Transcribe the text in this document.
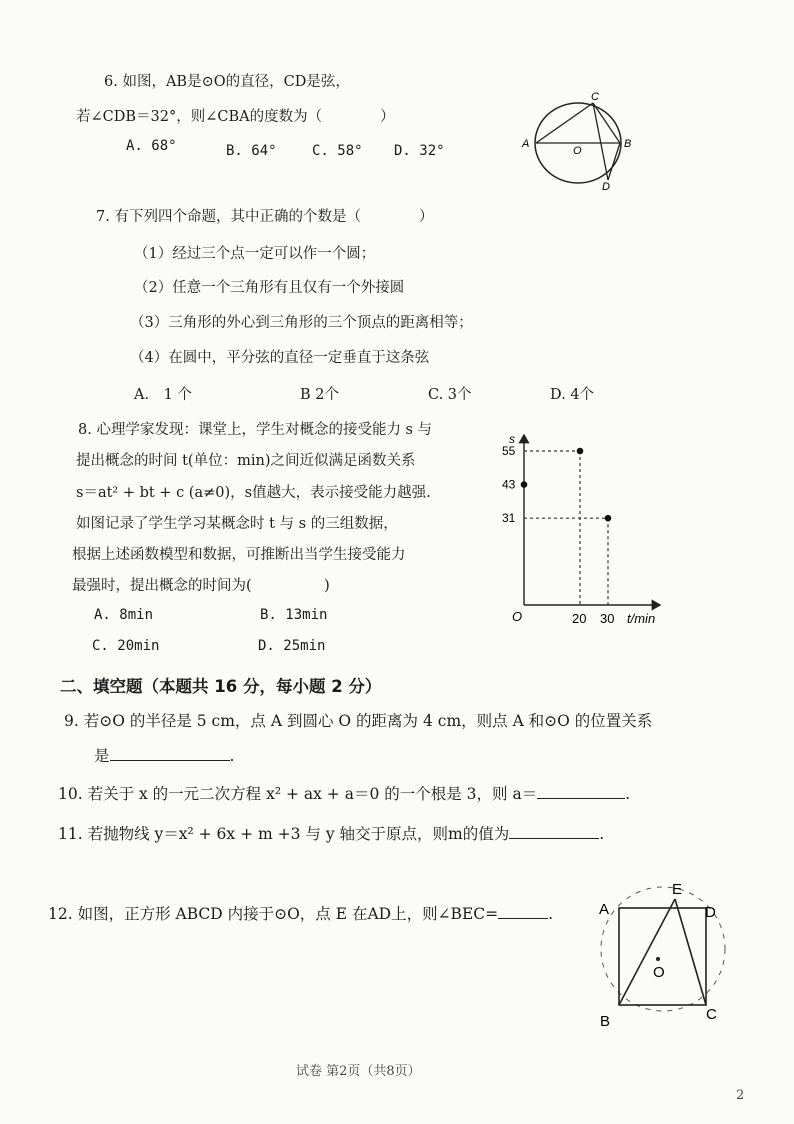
6. 如图，AB是⊙O的直径，CD是弦，
若∠CDB＝32°，则∠CBA的度数为（　　　　）
A. 68°	B. 64°	C. 58° D. 32°	A
O
B
C
D
7. 有下列四个命题，其中正确的个数是（　　　　）
（1）经过三个点一定可以作一个圆；
（2）任意一个三角形有且仅有一个外接圆
（3）三角形的外心到三角形的三个顶点的距离相等；
（4）在圆中，平分弦的直径一定垂直于这条弦
A.　1 个	B 2个	C. 3个	D. 4个
8. 心理学家发现：课堂上，学生对概念的接受能力 s 与
提出概念的时间 t(单位：min)之间近似满足函数关系
s＝at² + bt + c (a≠0)，s值越大，表示接受能力越强.
如图记录了学生学习某概念时 t 与 s 的三组数据，
根据上述函数模型和数据，可推断出当学生接受能力
最强时，提出概念的时间为(　　　　　)
A. 8min	B. 13min
C. 20min	D. 25min
s
O	t/min
55
43
31
20 30
二、填空题（本题共 16 分，每小题 2 分）
9. 若⊙O 的半径是 5 cm，点 A 到圆心 O 的距离为 4 cm，则点 A 和⊙O 的位置关系
是	.
10. 若关于 x 的一元二次方程 x² + ax + a＝0 的一个根是 3，则 a＝	.
11. 若抛物线 y＝x² + 6x + m +3 与 y 轴交于原点，则m的值为	.
12. 如图，正方形 ABCD 内接于⊙O，点 E 在AD上，则∠BEC=	.	A	D
E
O
B	C
试卷 第2页（共8页）
2
